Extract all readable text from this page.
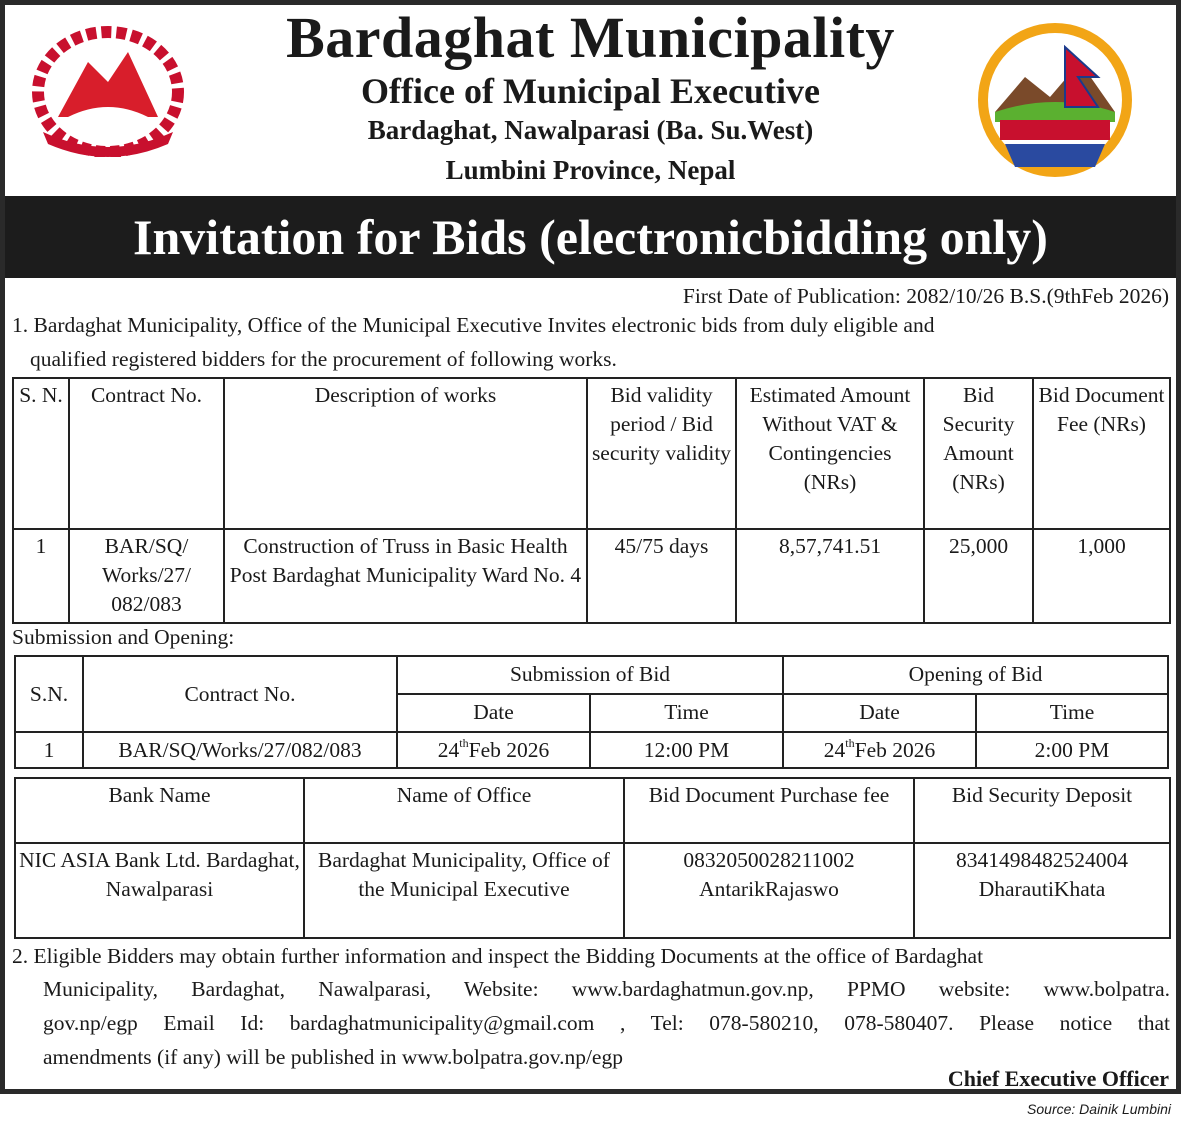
Bardaghat Municipality
Office of Municipal Executive
Bardaghat, Nawalparasi (Ba. Su.West)
Lumbini Province, Nepal
Invitation for Bids (electronicbidding only)
First Date of Publication: 2082/10/26 B.S.(9thFeb 2026)
1. Bardaghat Municipality, Office of the Municipal Executive Invites electronic bids from duly eligible and
qualified registered bidders for the procurement of following works.
S. N.	Contract No.	Description of works	Bid validity period / Bid security validity	Estimated Amount Without VAT & Contingencies (NRs)	Bid Security Amount (NRs)	Bid Document Fee (NRs)
1	BAR/SQ/ Works/27/ 082/083	Construction of Truss in Basic Health Post Bardaghat Municipality Ward No. 4	45/75 days	8,57,741.51	25,000	1,000
Submission and Opening:
S.N.	Contract No.	Submission of Bid		Opening of Bid	
		Date	Time	Date	Time
1	BAR/SQ/Works/27/082/083	24thFeb 2026	12:00 PM	24thFeb 2026	2:00 PM
Bank Name	Name of Office	Bid Document Purchase fee	Bid Security Deposit
NIC ASIA Bank Ltd. Bardaghat, Nawalparasi	Bardaghat Municipality, Office of the Municipal Executive	0832050028211002 AntarikRajaswo	8341498482524004 DharautiKhata
2. Eligible Bidders may obtain further information and inspect the Bidding Documents at the office of Bardaghat
Municipality, Bardaghat, Nawalparasi, Website: www.bardaghatmun.gov.np, PPMO website: www.bolpatra.
gov.np/egp Email Id: bardaghatmunicipality@gmail.com , Tel: 078-580210, 078-580407. Please notice that
amendments (if any) will be published in www.bolpatra.gov.np/egp
Chief Executive Officer
Source: Dainik Lumbini
